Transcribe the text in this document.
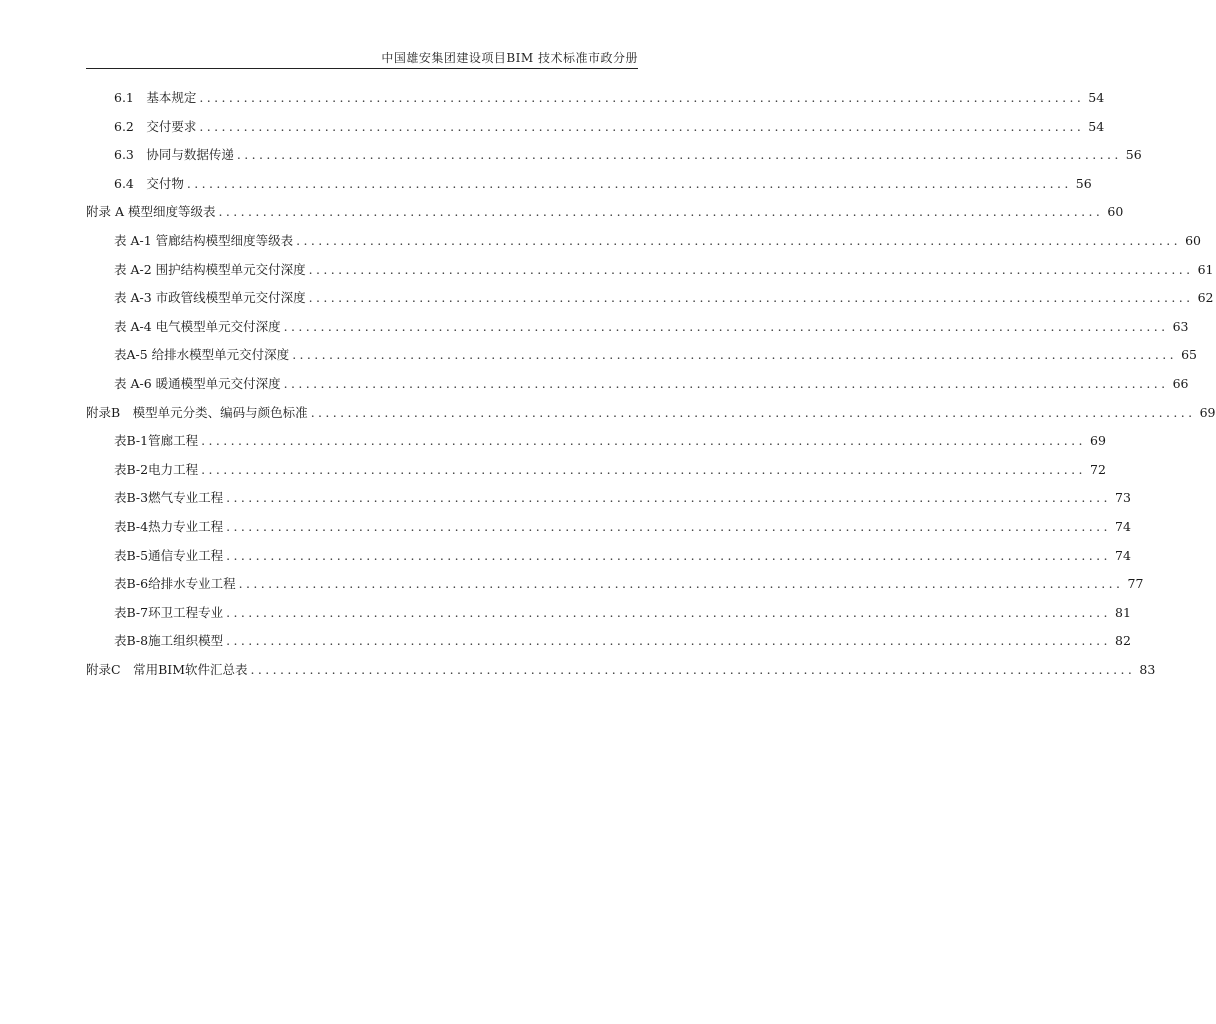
中国雄安集团建设项目BIM 技术标准市政分册
6.1　基本规定 ........................................................................................................................ 54
6.2　交付要求 ........................................................................................................................ 54
6.3　协同与数据传递 ........................................................................................................................ 56
6.4　交付物 ........................................................................................................................ 56
附录 A 模型细度等级表 ........................................................................................................................ 60
表 A-1 管廊结构模型细度等级表 ........................................................................................................................ 60
表 A-2 围护结构模型单元交付深度 ........................................................................................................................ 61
表 A-3 市政管线模型单元交付深度 ........................................................................................................................ 62
表 A-4 电气模型单元交付深度 ........................................................................................................................ 63
表A-5 给排水模型单元交付深度 ........................................................................................................................ 65
表 A-6 暖通模型单元交付深度 ........................................................................................................................ 66
附录B　模型单元分类、编码与颜色标准 ........................................................................................................................ 69
表B-1管廊工程 ........................................................................................................................ 69
表B-2电力工程 ........................................................................................................................ 72
表B-3燃气专业工程 ........................................................................................................................ 73
表B-4热力专业工程 ........................................................................................................................ 74
表B-5通信专业工程 ........................................................................................................................ 74
表B-6给排水专业工程 ........................................................................................................................ 77
表B-7环卫工程专业 ........................................................................................................................ 81
表B-8施工组织模型 ........................................................................................................................ 82
附录C　常用BIM软件汇总表 ........................................................................................................................ 83
